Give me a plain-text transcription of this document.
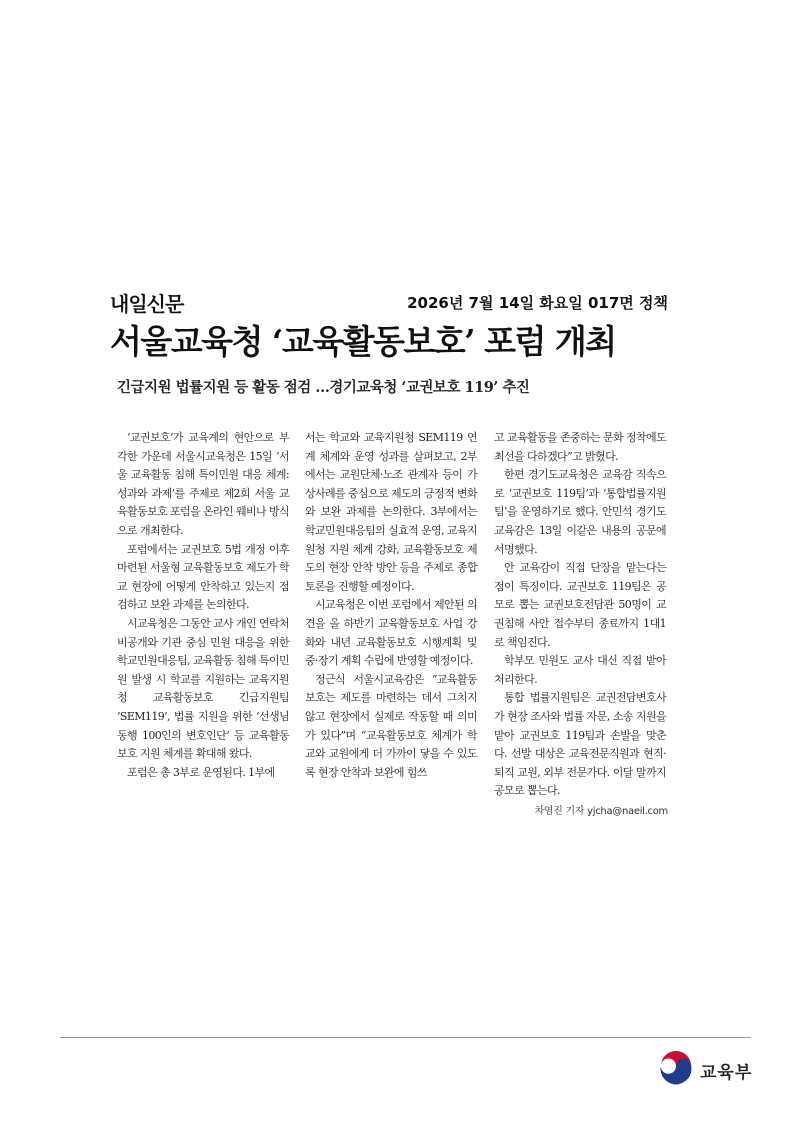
내일신문	2026년 7월 14일 화요일 017면 정책
서울교육청 ‘교육활동보호’ 포럼 개최
긴급지원 법률지원 등 활동 점검 …경기교육청 ‘교권보호 119’ 추진

‘교권보호’가 교육계의 현안으로 부각한 가운데 서울시교육청은 15일 ‘서울 교육활동 침해 특이민원 대응 체계: 성과와 과제’를 주제로 제2회 서울 교육활동보호 포럼을 온라인 웨비나 방식으로 개최한다.

포럼에서는 교권보호 5법 개정 이후 마련된 서울형 교육활동보호 제도가 학교 현장에 어떻게 안착하고 있는지 점검하고 보완 과제를 논의한다.

시교육청은 그동안 교사 개인 연락처 비공개와 기관 중심 민원 대응을 위한 학교민원대응팀, 교육활동 침해 특이민원 발생 시 학교를 지원하는 교육지원청 교육활동보호 긴급지원팀 ‘SEM119’, 법률 지원을 위한 ‘선생님동행 100인의 변호인단’ 등 교육활동보호 지원 체계를 확대해 왔다.

포럼은 총 3부로 운영된다. 1부에

서는 학교와 교육지원청 SEM119 연계 체계와 운영 성과를 살펴보고, 2부에서는 교원단체·노조 관계자 등이 가상사례를 중심으로 제도의 긍정적 변화와 보완 과제를 논의한다. 3부에서는 학교민원대응팀의 실효적 운영, 교육지원청 지원 체계 강화, 교육활동보호 제도의 현장 안착 방안 등을 주제로 종합토론을 진행할 예정이다.

시교육청은 이번 포럼에서 제안된 의견을 올 하반기 교육활동보호 사업 강화와 내년 교육활동보호 시행계획 및 중·장기 계획 수립에 반영할 예정이다.

정근식 서울시교육감은 “교육활동 보호는 제도를 마련하는 데서 그치지 않고 현장에서 실제로 작동할 때 의미가 있다”며 “교육활동보호 체계가 학교와 교원에게 더 가까이 닿을 수 있도록 현장 안착과 보완에 힘쓰

고 교육활동을 존중하는 문화 정착에도 최선을 다하겠다”고 밝혔다.

한편 경기도교육청은 교육감 직속으로 ‘교권보호 119팀’과 ‘통합법률지원팀’을 운영하기로 했다. 안민석 경기도교육감은 13일 이같은 내용의 공문에 서명했다.

안 교육감이 직접 단장을 맡는다는 점이 특징이다. 교권보호 119팀은 공모로 뽑는 교권보호전담관 50명이 교권침해 사안 접수부터 종료까지 1대1로 책임진다.

학부모 민원도 교사 대신 직접 받아 처리한다.

통합 법률지원팀은 교권전담변호사가 현장 조사와 법률 자문, 소송 지원을 맡아 교권보호 119팀과 손발을 맞춘다. 선발 대상은 교육전문직원과 현직·퇴직 교원, 외부 전문가다. 이달 말까지 공모로 뽑는다.

차염진 기자 yjcha@naeil.com
교육부
